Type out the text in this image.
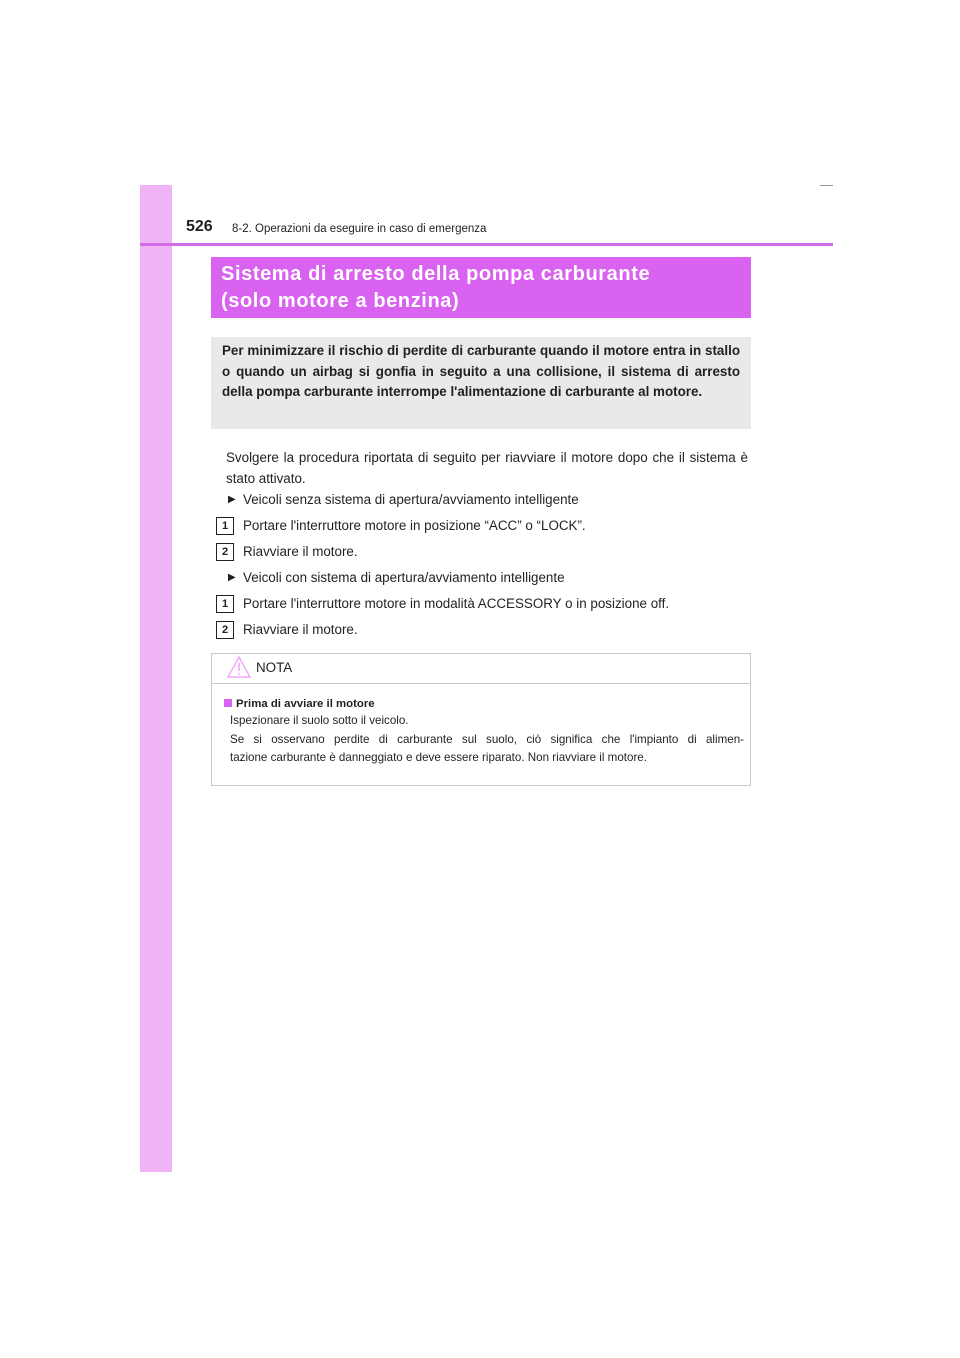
526 8-2. Operazioni da eseguire in caso di emergenza
Sistema di arresto della pompa carburante
(solo motore a benzina)

Per minimizzare il rischio di perdite di carburante quando il motore entra in stallo o quando un airbag si gonfia in seguito a una collisione, il sistema di arresto della pompa carburante interrompe l'alimentazione di carburante al motore.

Svolgere la procedura riportata di seguito per riavviare il motore dopo che il sistema è stato attivato.

▶ Veicoli senza sistema di apertura/avviamento intelligente
1	Portare l'interruttore motore in posizione “ACC” o “LOCK”.
2	Riavviare il motore.
▶ Veicoli con sistema di apertura/avviamento intelligente
1	Portare l'interruttore motore in modalità ACCESSORY o in posizione off.
2	Riavviare il motore.
NOTA
Prima di avviare il motore
Ispezionare il suolo sotto il veicolo.
Se si osservano perdite di carburante sul suolo, ciò significa che l'impianto di alimen-
tazione carburante è danneggiato e deve essere riparato. Non riavviare il motore.
